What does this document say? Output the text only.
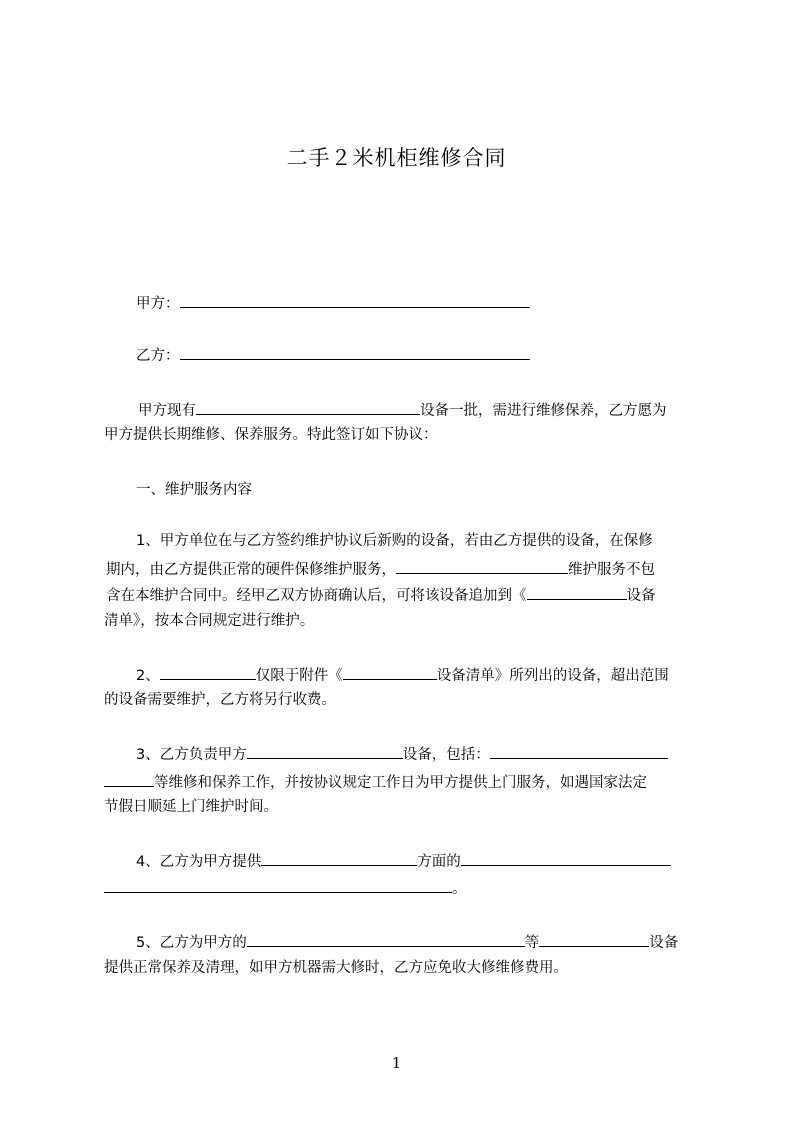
二手２米机柜维修合同
甲方：
乙方：
甲方现有	设备一批，需进行维修保养，乙方愿为
甲方提供长期维修、保养服务。特此签订如下协议：
一、维护服务内容
1、甲方单位在与乙方签约维护协议后新购的设备，若由乙方提供的设备，在保修
期内，由乙方提供正常的硬件保修维护服务，	维护服务不包
含在本维护合同中。经甲乙双方协商确认后，可将该设备追加到《	设备
清单》，按本合同规定进行维护。
2、	仅限于附件《	设备清单》所列出的设备，超出范围
的设备需要维护，乙方将另行收费。
3、乙方负责甲方	设备，包括：
等维修和保养工作，并按协议规定工作日为甲方提供上门服务，如遇国家法定
节假日顺延上门维护时间。
4、乙方为甲方提供	方面的
。
5、乙方为甲方的	等	设备
提供正常保养及清理，如甲方机器需大修时，乙方应免收大修维修费用。
1
